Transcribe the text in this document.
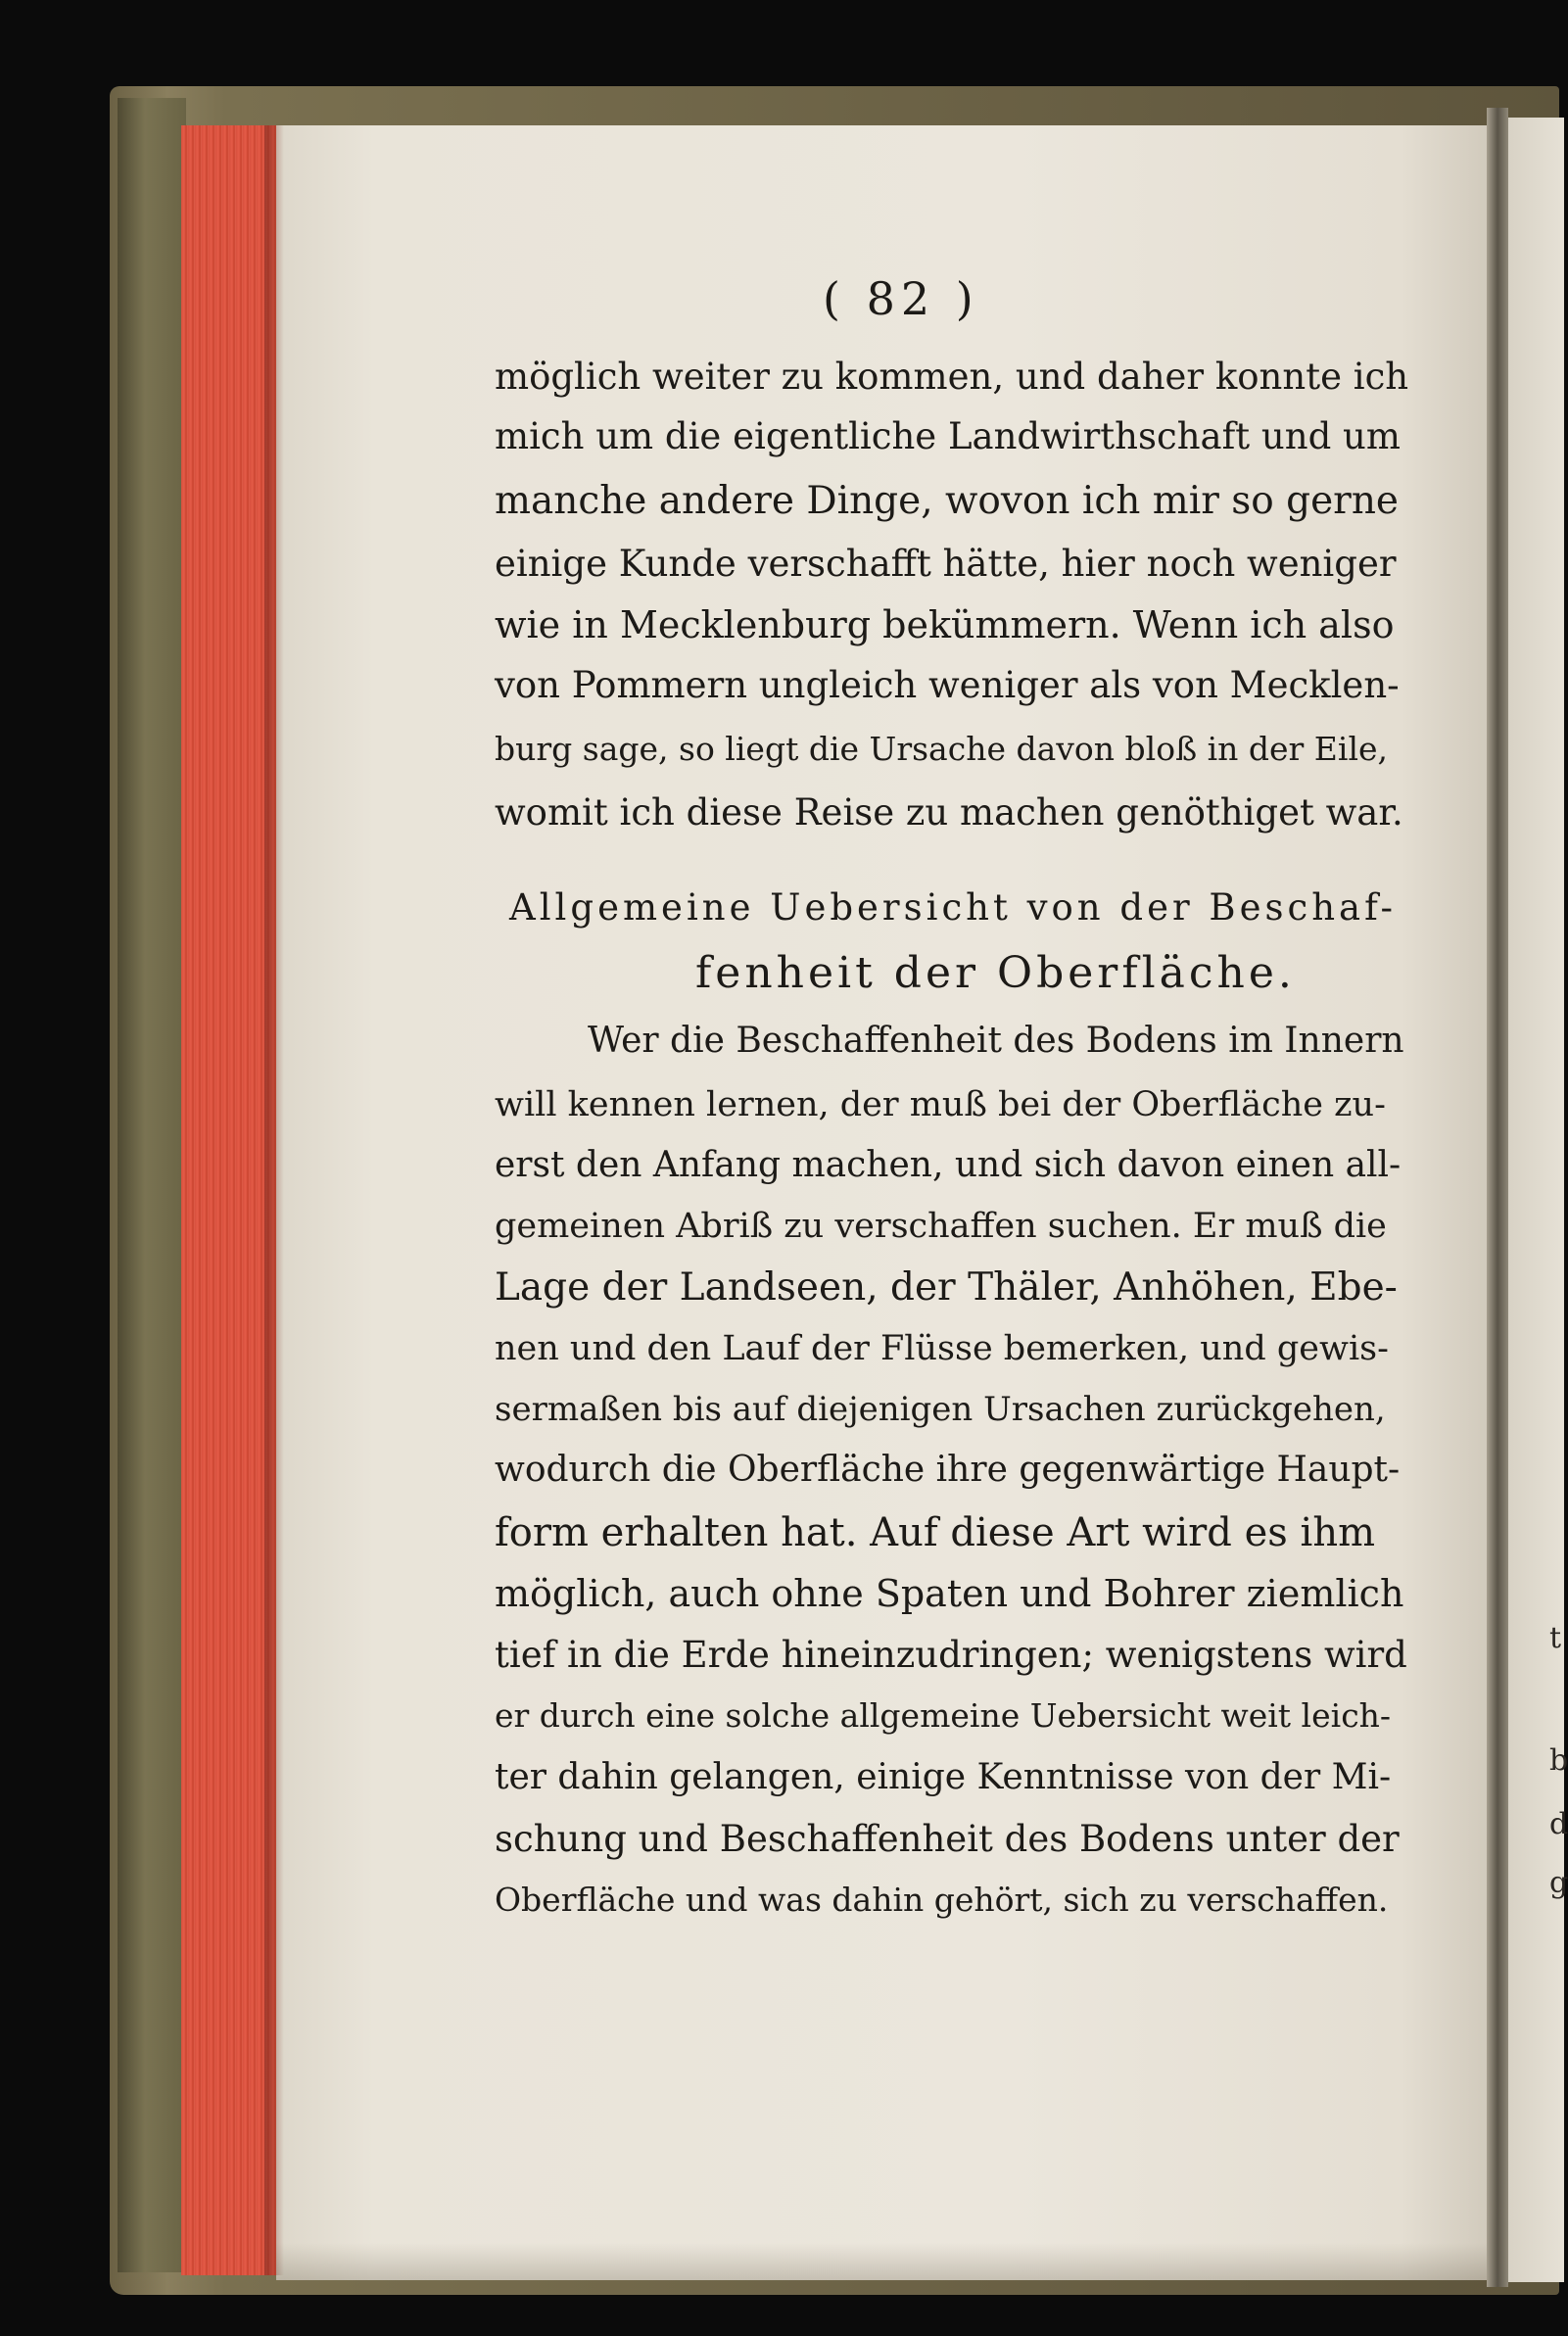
( 82 )
möglich weiter zu kommen, und daher konnte ich
mich um die eigentliche Landwirthschaft und um
manche andere Dinge, wovon ich mir so gerne
einige Kunde verschafft hätte, hier noch weniger
wie in Mecklenburg bekümmern. Wenn ich also
von Pommern ungleich weniger als von Mecklen-
burg sage, so liegt die Ursache davon bloß in der Eile,
womit ich diese Reise zu machen genöthiget war.
Allgemeine Uebersicht von der Beschaf-
fenheit der Oberfläche.
Wer die Beschaffenheit des Bodens im Innern
will kennen lernen, der muß bei der Oberfläche zu-
erst den Anfang machen, und sich davon einen all-
gemeinen Abriß zu verschaffen suchen. Er muß die
Lage der Landseen, der Thäler, Anhöhen, Ebe-
nen und den Lauf der Flüsse bemerken, und gewis-
sermaßen bis auf diejenigen Ursachen zurückgehen,
wodurch die Oberfläche ihre gegenwärtige Haupt-
form erhalten hat. Auf diese Art wird es ihm
möglich, auch ohne Spaten und Bohrer ziemlich
tief in die Erde hineinzudringen; wenigstens wird
er durch eine solche allgemeine Uebersicht weit leich-
ter dahin gelangen, einige Kenntnisse von der Mi-
schung und Beschaffenheit des Bodens unter der
Oberfläche und was dahin gehört, sich zu verschaffen.
t
b
d
g
